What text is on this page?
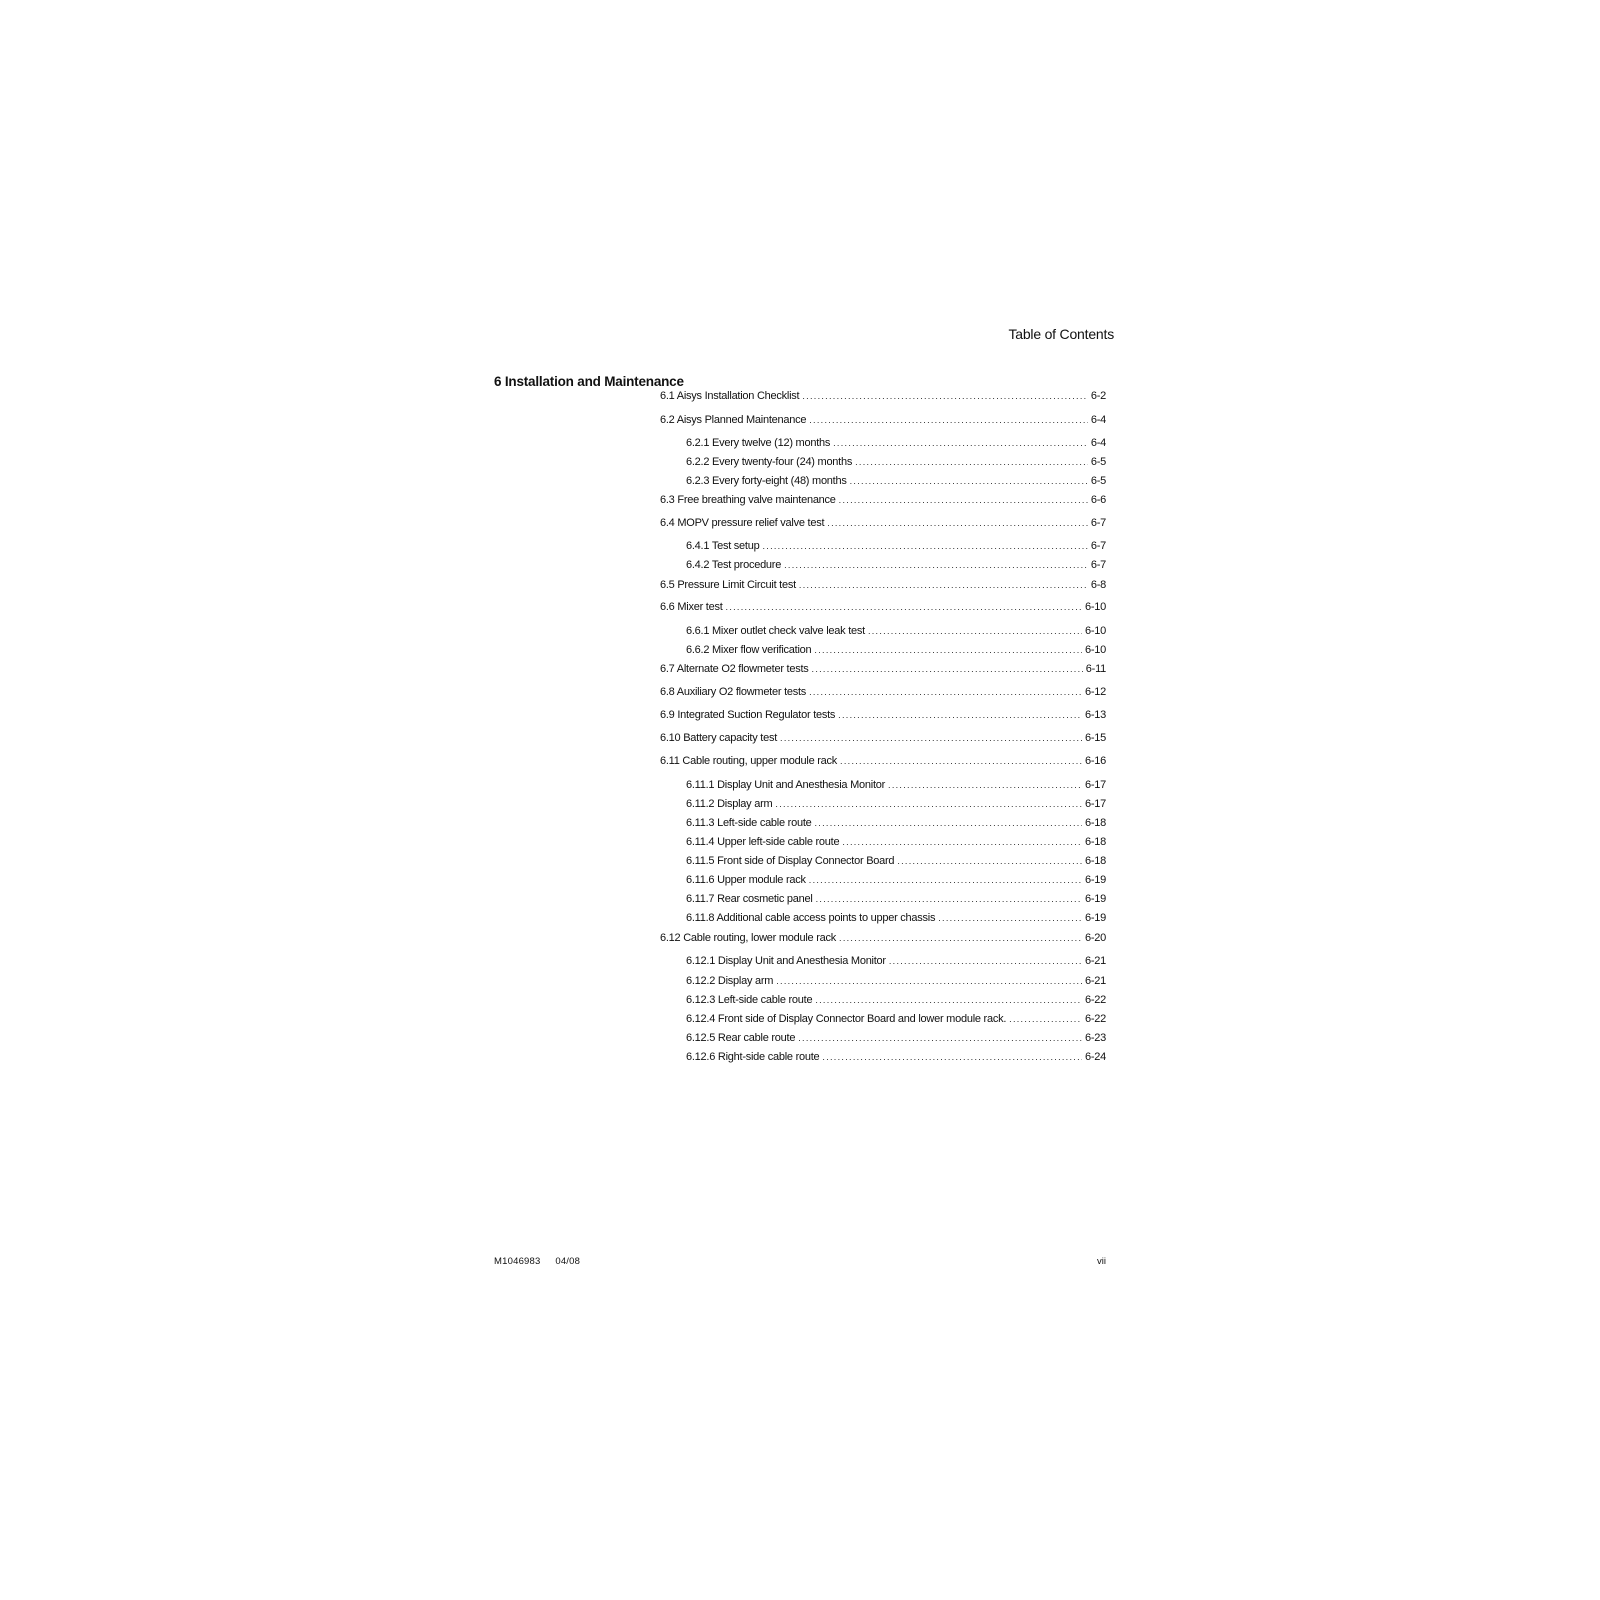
Table of Contents
6 Installation and Maintenance
6.1 Aisys Installation Checklist . . .	6-2
6.2 Aisys Planned Maintenance . . .	6-4
6.2.1 Every twelve (12) months . . .	6-4
6.2.2 Every twenty-four (24) months . . .	6-5
6.2.3 Every forty-eight (48) months . . .	6-5
6.3 Free breathing valve maintenance . . .	6-6
6.4 MOPV pressure relief valve test . . .	6-7
6.4.1 Test setup . . .	6-7
6.4.2 Test procedure . . .	6-7
6.5 Pressure Limit Circuit test . . .	6-8
6.6 Mixer test . . .	6-10
6.6.1 Mixer outlet check valve leak test . . .	6-10
6.6.2 Mixer flow verification . . .	6-10
6.7 Alternate O2 flowmeter tests . . .	6-11
6.8 Auxiliary O2 flowmeter tests . . .	6-12
6.9 Integrated Suction Regulator tests . . .	6-13
6.10 Battery capacity test . . .	6-15
6.11 Cable routing, upper module rack . . .	6-16
6.11.1 Display Unit and Anesthesia Monitor . . .	6-17
6.11.2 Display arm . . .	6-17
6.11.3 Left-side cable route . . .	6-18
6.11.4 Upper left-side cable route . . .	6-18
6.11.5 Front side of Display Connector Board . . .	6-18
6.11.6 Upper module rack . . .	6-19
6.11.7 Rear cosmetic panel . . .	6-19
6.11.8 Additional cable access points to upper chassis . . .	6-19
6.12 Cable routing, lower module rack . . .	6-20
6.12.1 Display Unit and Anesthesia Monitor . . .	6-21
6.12.2 Display arm . . .	6-21
6.12.3 Left-side cable route . . .	6-22
6.12.4 Front side of Display Connector Board and lower module rack. . . .	6-22
6.12.5 Rear cable route . . .	6-23
6.12.6 Right-side cable route . . .	6-24
M1046983 04/08	vii
